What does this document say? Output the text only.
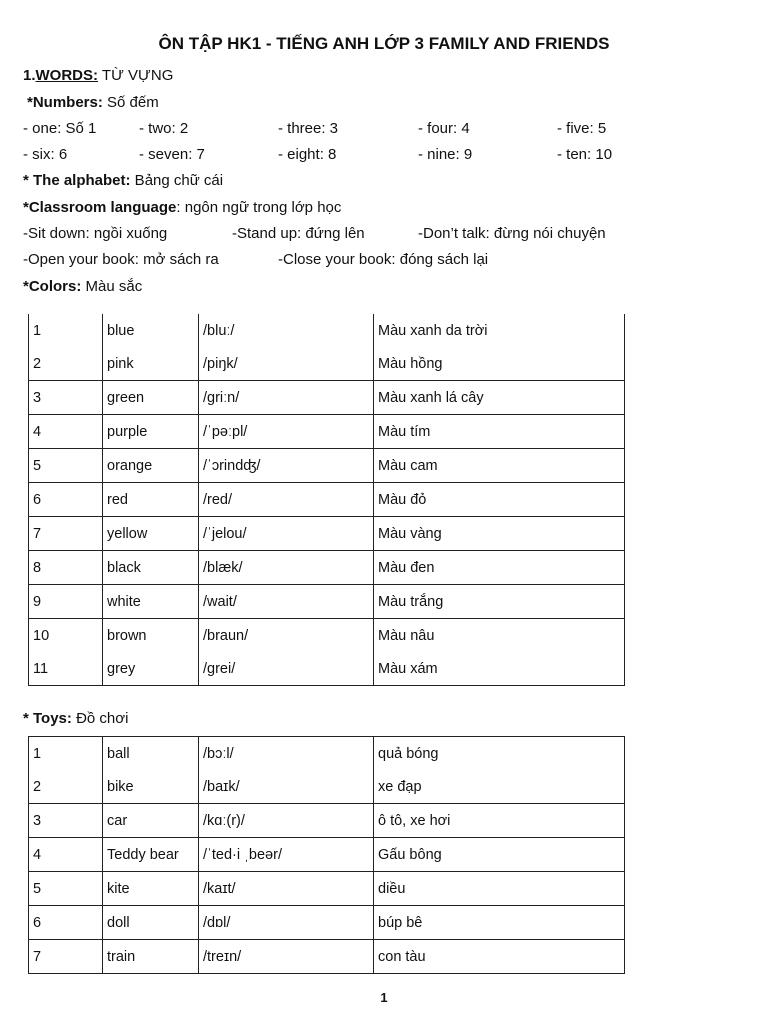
ÔN TẬP HK1 - TIẾNG ANH LỚP 3 FAMILY AND FRIENDS
1.WORDS: TỪ VỰNG
*Numbers: Số đếm
- one: Số 1	- two: 2	- three: 3	- four: 4	- five: 5
- six: 6	- seven: 7	- eight: 8	- nine: 9	- ten: 10
* The alphabet: Bảng chữ cái
*Classroom language: ngôn ngữ trong lớp học
-Sit down: ngồi xuống	-Stand up: đứng lên	-Don’t talk: đừng nói chuyện
-Open your book: mở sách ra	-Close your book: đóng sách lại
*Colors: Màu sắc
1	blue	/bluː/	Màu xanh da trời
2	pink	/piŋk/	Màu hồng
3	green	/griːn/	Màu xanh lá cây
4	purple	/ˈpəːpl/	Màu tím
5	orange	/ˈɔrindʤ/	Màu cam
6	red	/red/	Màu đỏ
7	yellow	/ˈjelou/	Màu vàng
8	black	/blæk/	Màu đen
9	white	/wait/	Màu trắng
10	brown	/braun/	Màu nâu
11	grey	/grei/	Màu xám
* Toys: Đồ chơi
1	ball	/bɔːl/	quả bóng
2	bike	/baɪk/	xe đạp
3	car	/kɑː(r)/	ô tô, xe hơi
4	Teddy bear	/ˈted·i ˌbeər/	Gấu bông
5	kite	/kaɪt/	diều
6	doll	/dɒl/	búp bê
7	train	/treɪn/	con tàu
1
